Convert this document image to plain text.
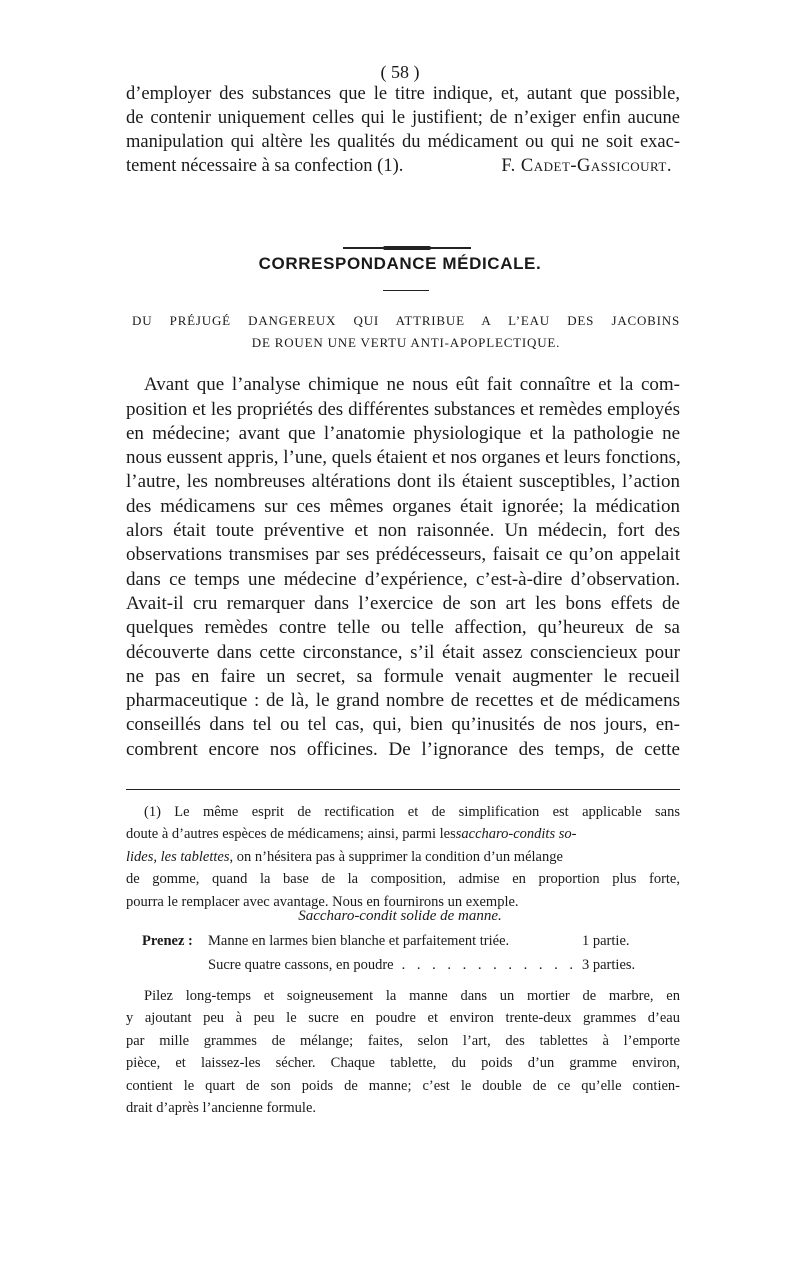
( 58 )
d’employer des substances que le titre indique, et, autant que possible,
de contenir uniquement celles qui le justifient; de n’exiger enfin aucune
manipulation qui altère les qualités du médicament ou qui ne soit exac-
tement nécessaire à sa confection (1).	F. Cadet-Gassicourt.
CORRESPONDANCE MÉDICALE.
DU PRÉJUGÉ DANGEREUX QUI ATTRIBUE A L’EAU DES JACOBINS
DE ROUEN UNE VERTU ANTI-APOPLECTIQUE.
Avant que l’analyse chimique ne nous eût fait connaître et la com-
position et les propriétés des différentes substances et remèdes employés
en médecine; avant que l’anatomie physiologique et la pathologie ne
nous eussent appris, l’une, quels étaient et nos organes et leurs fonctions,
l’autre, les nombreuses altérations dont ils étaient susceptibles, l’action
des médicamens sur ces mêmes organes était ignorée; la médication
alors était toute préventive et non raisonnée. Un médecin, fort des
observations transmises par ses prédécesseurs, faisait ce qu’on appelait
dans ce temps une médecine d’expérience, c’est-à-dire d’observation.
Avait-il cru remarquer dans l’exercice de son art les bons effets de
quelques remèdes contre telle ou telle affection, qu’heureux de sa
découverte dans cette circonstance, s’il était assez consciencieux pour
ne pas en faire un secret, sa formule venait augmenter le recueil
pharmaceutique : de là, le grand nombre de recettes et de médicamens
conseillés dans tel ou tel cas, qui, bien qu’inusités de nos jours, en-
combrent encore nos officines. De l’ignorance des temps, de cette
(1) Le même esprit de rectification et de simplification est applicable sans
doute à d’autres espèces de médicamens; ainsi, parmi les saccharo-condits so-
lides, les tablettes , on n’hésitera pas à supprimer la condition d’un mélange
de gomme, quand la base de la composition, admise en proportion plus forte,
pourra le remplacer avec avantage. Nous en fournirons un exemple.
Saccharo-condit solide de manne.
Prenez :	Manne en larmes bien blanche et parfaitement triée.	1 partie.
Sucre quatre cassons, en poudre . . . . . . . . . . . . 3 parties.
Pilez long-temps et soigneusement la manne dans un mortier de marbre, en
y ajoutant peu à peu le sucre en poudre et environ trente-deux grammes d’eau
par mille grammes de mélange; faites, selon l’art, des tablettes à l’emporte
pièce, et laissez-les sécher. Chaque tablette, du poids d’un gramme environ,
contient le quart de son poids de manne; c’est le double de ce qu’elle contien-
drait d’après l’ancienne formule.
